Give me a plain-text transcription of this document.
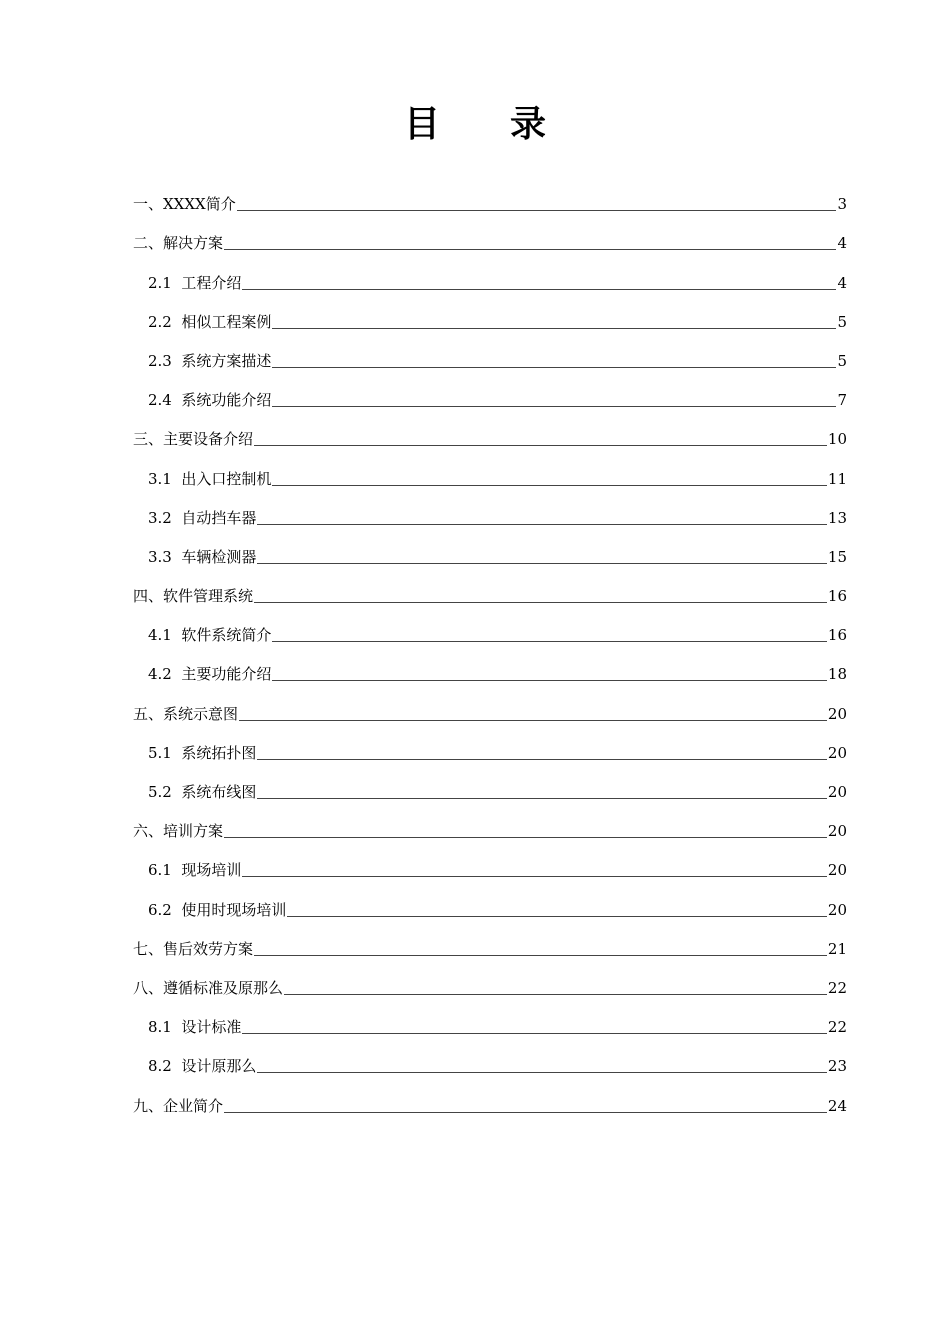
目 录
一、XXXX简介	3
二、解决方案	4
2.1  工程介绍	4
2.2  相似工程案例	5
2.3  系统方案描述	5
2.4  系统功能介绍	7
三、主要设备介绍	10
3.1  出入口控制机	11
3.2  自动挡车器	13
3.3  车辆检测器	15
四、软件管理系统	16
4.1  软件系统简介	16
4.2  主要功能介绍	18
五、系统示意图	20
5.1  系统拓扑图	20
5.2  系统布线图	20
六、培训方案	20
6.1  现场培训	20
6.2  使用时现场培训	20
七、售后效劳方案	21
八、遵循标准及原那么	22
8.1  设计标准	22
8.2  设计原那么	23
九、企业简介	24
